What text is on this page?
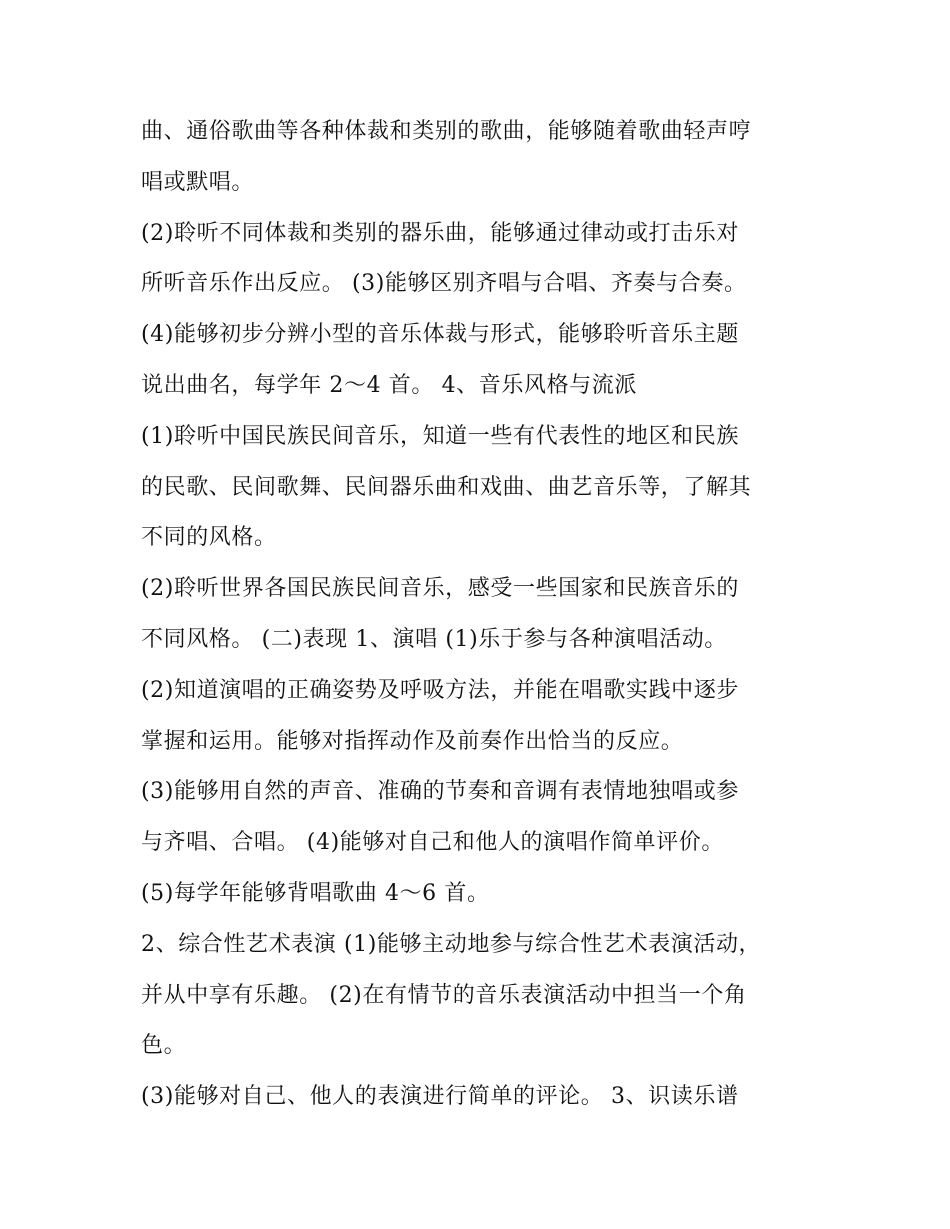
曲、通俗歌曲等各种体裁和类别的歌曲，能够随着歌曲轻声哼
唱或默唱。
(2)聆听不同体裁和类别的器乐曲，能够通过律动或打击乐对
所听音乐作出反应。 (3)能够区别齐唱与合唱、齐奏与合奏。
(4)能够初步分辨小型的音乐体裁与形式，能够聆听音乐主题
说出曲名，每学年 2～4 首。 4、音乐风格与流派
(1)聆听中国民族民间音乐，知道一些有代表性的地区和民族
的民歌、民间歌舞、民间器乐曲和戏曲、曲艺音乐等，了解其
不同的风格。
(2)聆听世界各国民族民间音乐，感受一些国家和民族音乐的
不同风格。 (二)表现 1、演唱 (1)乐于参与各种演唱活动。
(2)知道演唱的正确姿势及呼吸方法，并能在唱歌实践中逐步
掌握和运用。能够对指挥动作及前奏作出恰当的反应。
(3)能够用自然的声音、准确的节奏和音调有表情地独唱或参
与齐唱、合唱。 (4)能够对自己和他人的演唱作简单评价。
(5)每学年能够背唱歌曲 4～6 首。
2、综合性艺术表演 (1)能够主动地参与综合性艺术表演活动，
并从中享有乐趣。 (2)在有情节的音乐表演活动中担当一个角
色。
(3)能够对自己、他人的表演进行简单的评论。 3、识读乐谱
